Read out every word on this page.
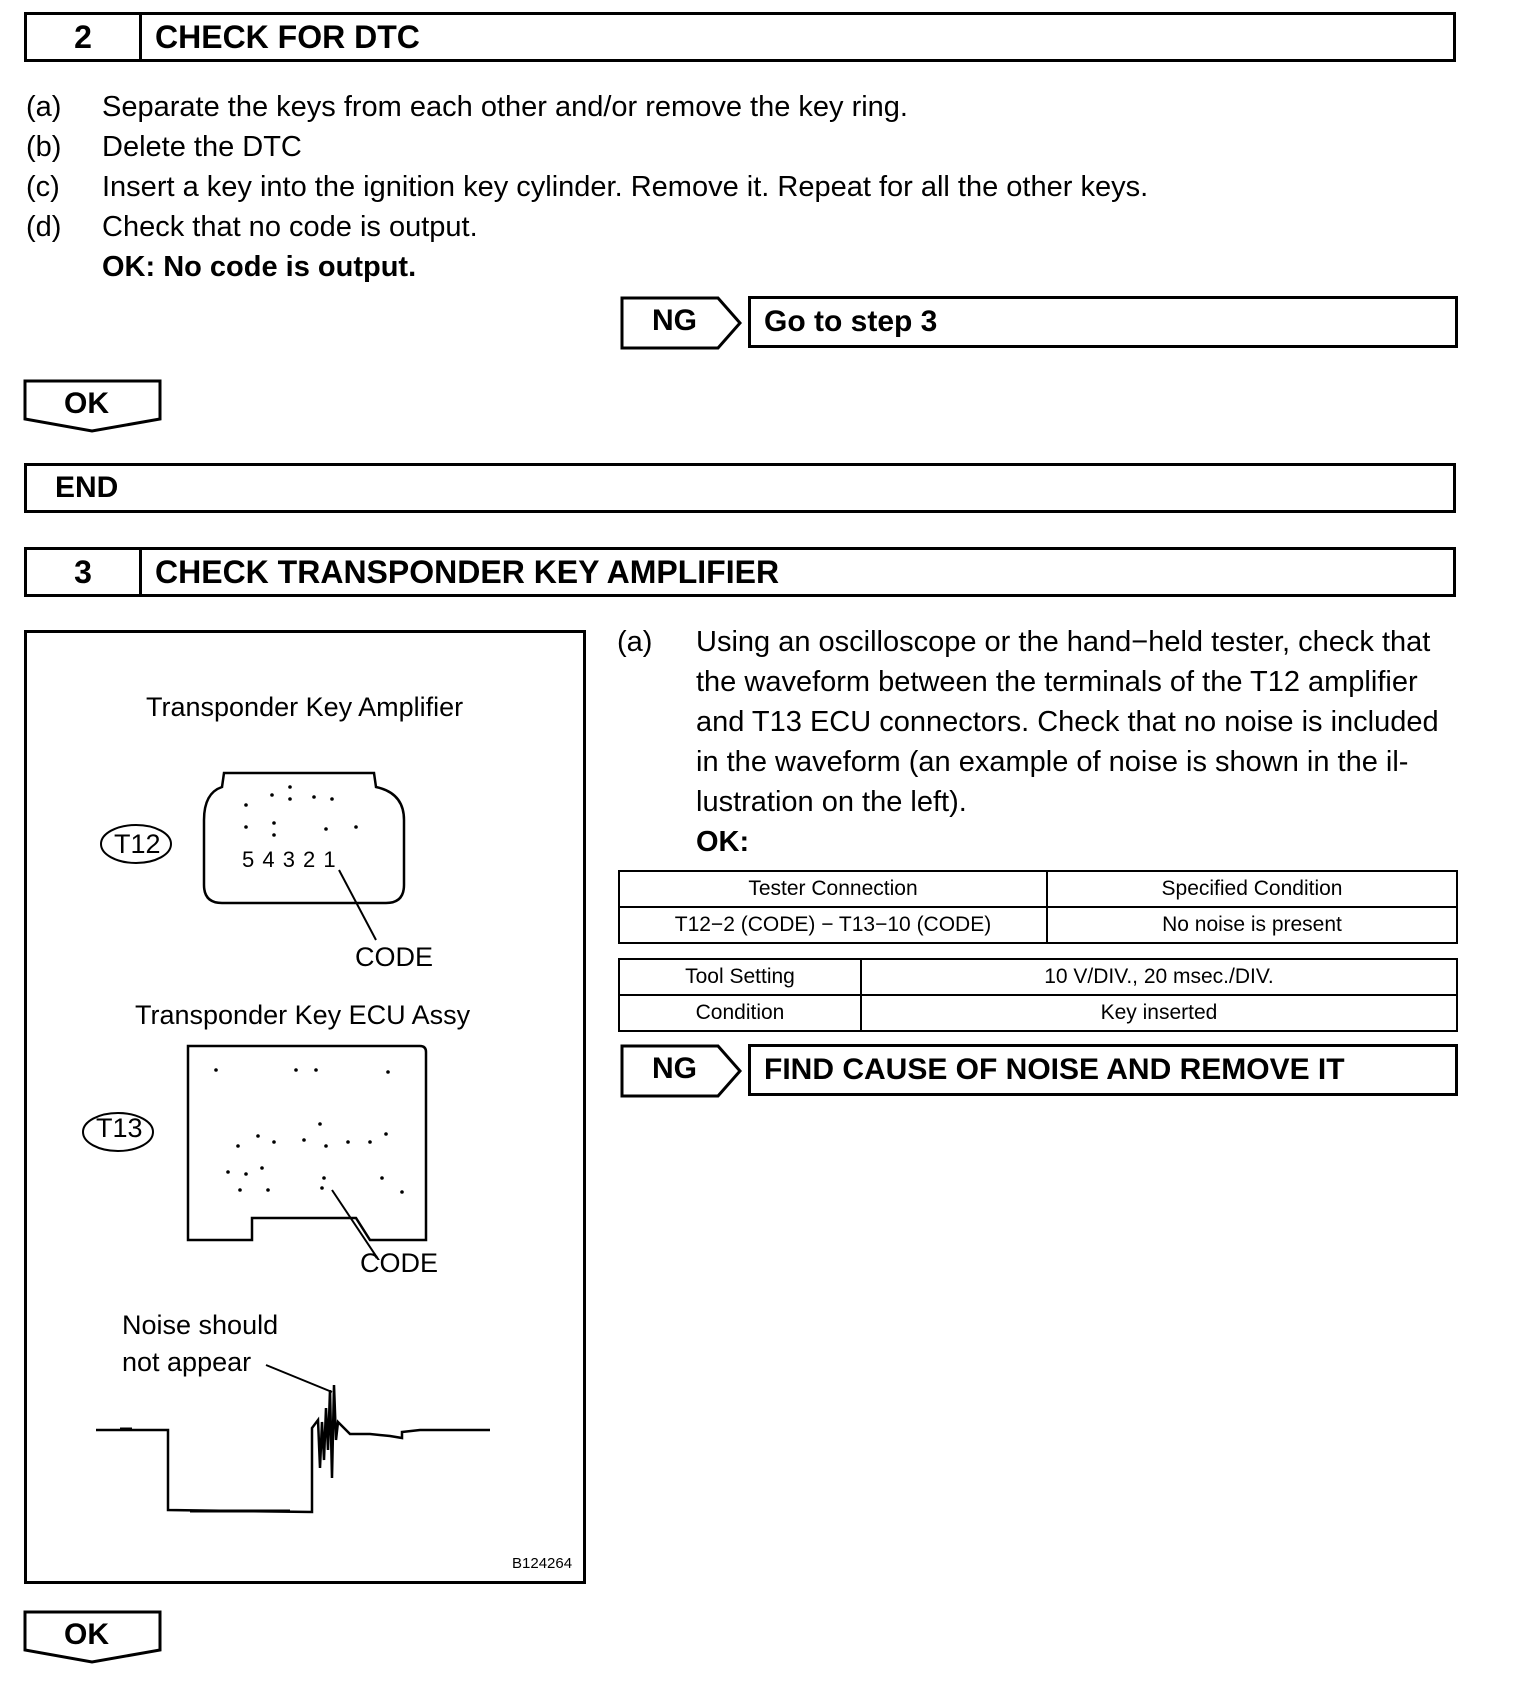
2	CHECK FOR DTC
(a) Separate the keys from each other and/or remove the key ring.
(b) Delete the DTC
(c) Insert a key into the ignition key cylinder. Remove it. Repeat for all the other keys.
(d) Check that no code is output.
OK: No code is output.
NG	Go to step 3
OK
END
3	CHECK TRANSPONDER KEY AMPLIFIER
(a) Using an oscilloscope or the hand−held tester, check that
the waveform between the terminals of the T12 amplifier
and T13 ECU connectors. Check that no noise is included
in the waveform (an example of noise is shown in the il-
lustration on the left).
OK:
Tester Connection	Specified Condition
T12−2 (CODE) − T13−10 (CODE)	No noise is present
Tool Setting	10 V/DIV., 20 msec./DIV.
Condition	Key inserted
NG	FIND CAUSE OF NOISE AND REMOVE IT
Transponder Key Amplifier
T12
5 4 3 2 1
CODE
Transponder Key ECU Assy
T13
CODE
Noise should
not appear
B124264
OK
